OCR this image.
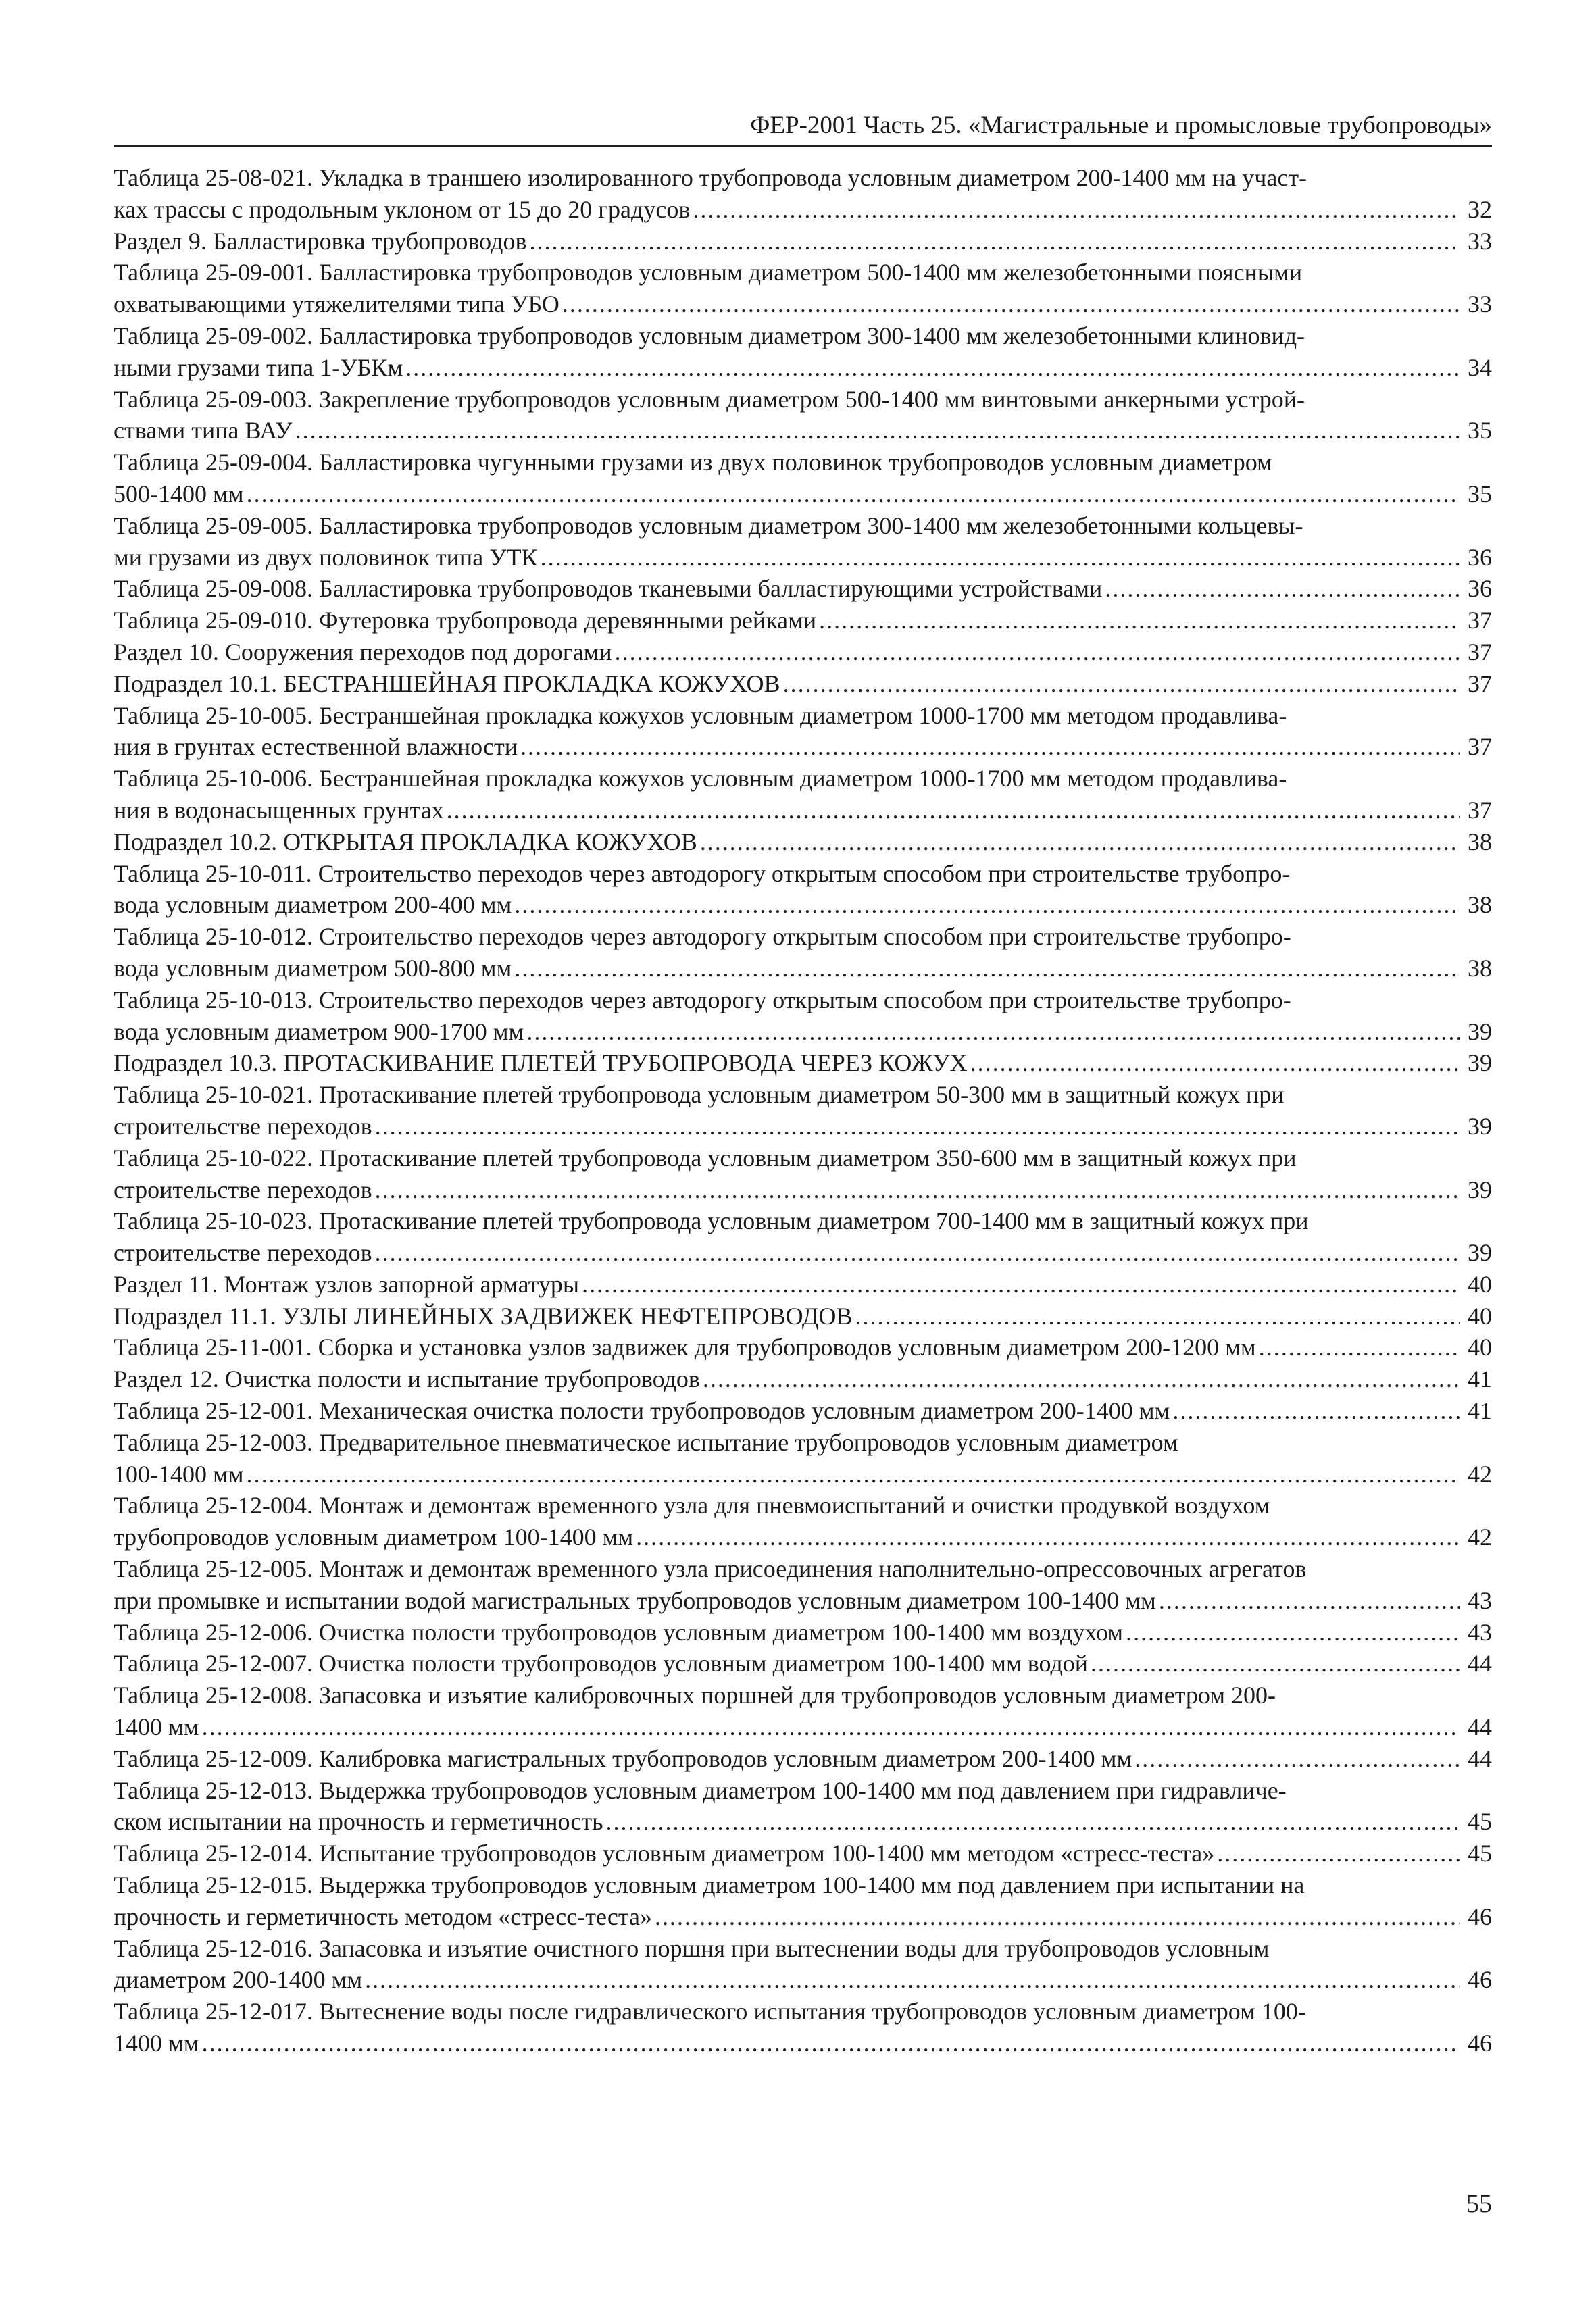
ФЕР-2001 Часть 25. «Магистральные и промысловые трубопроводы»
Таблица 25-08-021. Укладка в траншею изолированного трубопровода условным диаметром 200-1400 мм на участ-
ках трассы с продольным уклоном от 15 до 20 градусов .....	32
Раздел 9. Балластировка трубопроводов .....	33
Таблица 25-09-001. Балластировка трубопроводов условным диаметром 500-1400 мм железобетонными поясными
охватывающими утяжелителями типа УБО .....	33
Таблица 25-09-002. Балластировка трубопроводов условным диаметром 300-1400 мм железобетонными клиновид-
ными грузами типа 1-УБКм .....	34
Таблица 25-09-003. Закрепление трубопроводов условным диаметром 500-1400 мм винтовыми анкерными устрой-
ствами типа ВАУ .....	35
Таблица 25-09-004. Балластировка чугунными грузами из двух половинок трубопроводов условным диаметром
500-1400 мм .....	35
Таблица 25-09-005. Балластировка трубопроводов условным диаметром 300-1400 мм железобетонными кольцевы-
ми грузами из двух половинок типа УТК .....	36
Таблица 25-09-008. Балластировка трубопроводов тканевыми балластирующими устройствами .....	36
Таблица 25-09-010. Футеровка трубопровода деревянными рейками .....	37
Раздел 10. Сооружения переходов под дорогами .....	37
Подраздел 10.1. БЕСТРАНШЕЙНАЯ ПРОКЛАДКА КОЖУХОВ .....	37
Таблица 25-10-005. Бестраншейная прокладка кожухов условным диаметром 1000-1700 мм методом продавлива-
ния в грунтах естественной влажности .....	37
Таблица 25-10-006. Бестраншейная прокладка кожухов условным диаметром 1000-1700 мм методом продавлива-
ния в водонасыщенных грунтах .....	37
Подраздел 10.2. ОТКРЫТАЯ ПРОКЛАДКА КОЖУХОВ .....	38
Таблица 25-10-011. Строительство переходов через автодорогу открытым способом при строительстве трубопро-
вода условным диаметром 200-400 мм .....	38
Таблица 25-10-012. Строительство переходов через автодорогу открытым способом при строительстве трубопро-
вода условным диаметром 500-800 мм .....	38
Таблица 25-10-013. Строительство переходов через автодорогу открытым способом при строительстве трубопро-
вода условным диаметром 900-1700 мм .....	39
Подраздел 10.3. ПРОТАСКИВАНИЕ ПЛЕТЕЙ ТРУБОПРОВОДА ЧЕРЕЗ КОЖУХ .....	39
Таблица 25-10-021. Протаскивание плетей трубопровода условным диаметром 50-300 мм в защитный кожух при
строительстве переходов .....	39
Таблица 25-10-022. Протаскивание плетей трубопровода условным диаметром 350-600 мм в защитный кожух при
строительстве переходов .....	39
Таблица 25-10-023. Протаскивание плетей трубопровода условным диаметром 700-1400 мм в защитный кожух при
строительстве переходов .....	39
Раздел 11. Монтаж узлов запорной арматуры .....	40
Подраздел 11.1. УЗЛЫ ЛИНЕЙНЫХ ЗАДВИЖЕК НЕФТЕПРОВОДОВ .....	40
Таблица 25-11-001. Сборка и установка узлов задвижек для трубопроводов условным диаметром 200-1200 мм .....	40
Раздел 12. Очистка полости и испытание трубопроводов .....	41
Таблица 25-12-001. Механическая очистка полости трубопроводов условным диаметром 200-1400 мм .....	41
Таблица 25-12-003. Предварительное пневматическое испытание трубопроводов условным диаметром
100-1400 мм .....	42
Таблица 25-12-004. Монтаж и демонтаж временного узла для пневмоиспытаний и очистки продувкой воздухом
трубопроводов условным диаметром 100-1400 мм .....	42
Таблица 25-12-005. Монтаж и демонтаж временного узла присоединения наполнительно-опрессовочных агрегатов
при промывке и испытании водой магистральных трубопроводов условным диаметром 100-1400 мм .....	43
Таблица 25-12-006. Очистка полости трубопроводов условным диаметром 100-1400 мм воздухом .....	43
Таблица 25-12-007. Очистка полости трубопроводов условным диаметром 100-1400 мм водой .....	44
Таблица 25-12-008. Запасовка и изъятие калибровочных поршней для трубопроводов условным диаметром 200-
1400 мм .....	44
Таблица 25-12-009. Калибровка магистральных трубопроводов условным диаметром 200-1400 мм .....	44
Таблица 25-12-013. Выдержка трубопроводов условным диаметром 100-1400 мм под давлением при гидравличе-
ском испытании на прочность и герметичность .....	45
Таблица 25-12-014. Испытание трубопроводов условным диаметром 100-1400 мм методом «стресс-теста» .....	45
Таблица 25-12-015. Выдержка трубопроводов условным диаметром 100-1400 мм под давлением при испытании на
прочность и герметичность методом «стресс-теста» .....	46
Таблица 25-12-016. Запасовка и изъятие очистного поршня при вытеснении воды для трубопроводов условным
диаметром 200-1400 мм .....	46
Таблица 25-12-017. Вытеснение воды после гидравлического испытания трубопроводов условным диаметром 100-
1400 мм .....	46
55
